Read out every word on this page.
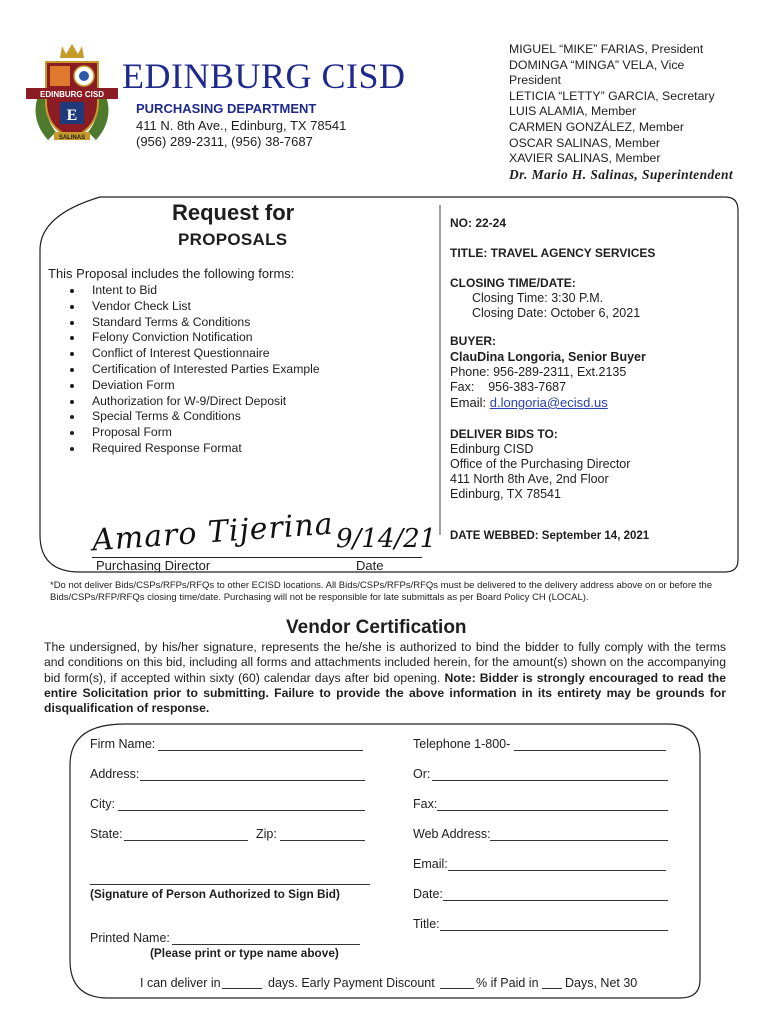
E
EDINBURG CISD
SALINAS
EDINBURG CISD
PURCHASING DEPARTMENT
411 N. 8th Ave., Edinburg, TX 78541
(956) 289-2311, (956) 38-7687
MIGUEL “MIKE” FARIAS, President
DOMINGA “MINGA” VELA, Vice
President
LETICIA “LETTY” GARCIA, Secretary
LUIS ALAMIA, Member
CARMEN GONZÁLEZ, Member
OSCAR SALINAS, Member
XAVIER SALINAS, Member
Dr. Mario H. Salinas, Superintendent
Request for
PROPOSALS
This Proposal includes the following forms:
• Intent to Bid
• Vendor Check List
• Standard Terms & Conditions
• Felony Conviction Notification
• Conflict of Interest Questionnaire
• Certification of Interested Parties Example
• Deviation Form
• Authorization for W-9/Direct Deposit
• Special Terms & Conditions
• Proposal Form
• Required Response Format
NO: 22-24
TITLE: TRAVEL AGENCY SERVICES
CLOSING TIME/DATE:
Closing Time: 3:30 P.M.
Closing Date: October 6, 2021
BUYER:
ClauDina Longoria, Senior Buyer
Phone: 956-289-2311, Ext.2135
Fax:    956-383-7687
Email: d.longoria@ecisd.us
DELIVER BIDS TO:
Edinburg CISD
Office of the Purchasing Director
411 North 8th Ave, 2nd Floor
Edinburg, TX 78541
DATE WEBBED: September 14, 2021
Amaro Tijerina 9/14/21
Purchasing Director	Date
*Do not deliver Bids/CSPs/RFPs/RFQs to other ECISD locations. All Bids/CSPs/RFPs/RFQs must be delivered to the delivery address above on or before the Bids/CSPs/RFP/RFQs closing time/date. Purchasing will not be responsible for late submittals as per Board Policy CH (LOCAL).
Vendor Certification
The undersigned, by his/her signature, represents the he/she is authorized to bind the bidder to fully comply with the terms and conditions on this bid, including all forms and attachments included herein, for the amount(s) shown on the accompanying bid form(s), if accepted within sixty (60) calendar days after bid opening. Note: Bidder is strongly encouraged to read the entire Solicitation prior to submitting. Failure to provide the above information in its entirety may be grounds for disqualification of response.
Firm Name:
Address:
City:
State:	Zip:
(Signature of Person Authorized to Sign Bid)
Printed Name:
(Please print or type name above)
Telephone 1-800-
Or:
Fax:
Web Address:
Email:
Date:
Title:
I can deliver in	days. Early Payment Discount	% if Paid in Days, Net 30
